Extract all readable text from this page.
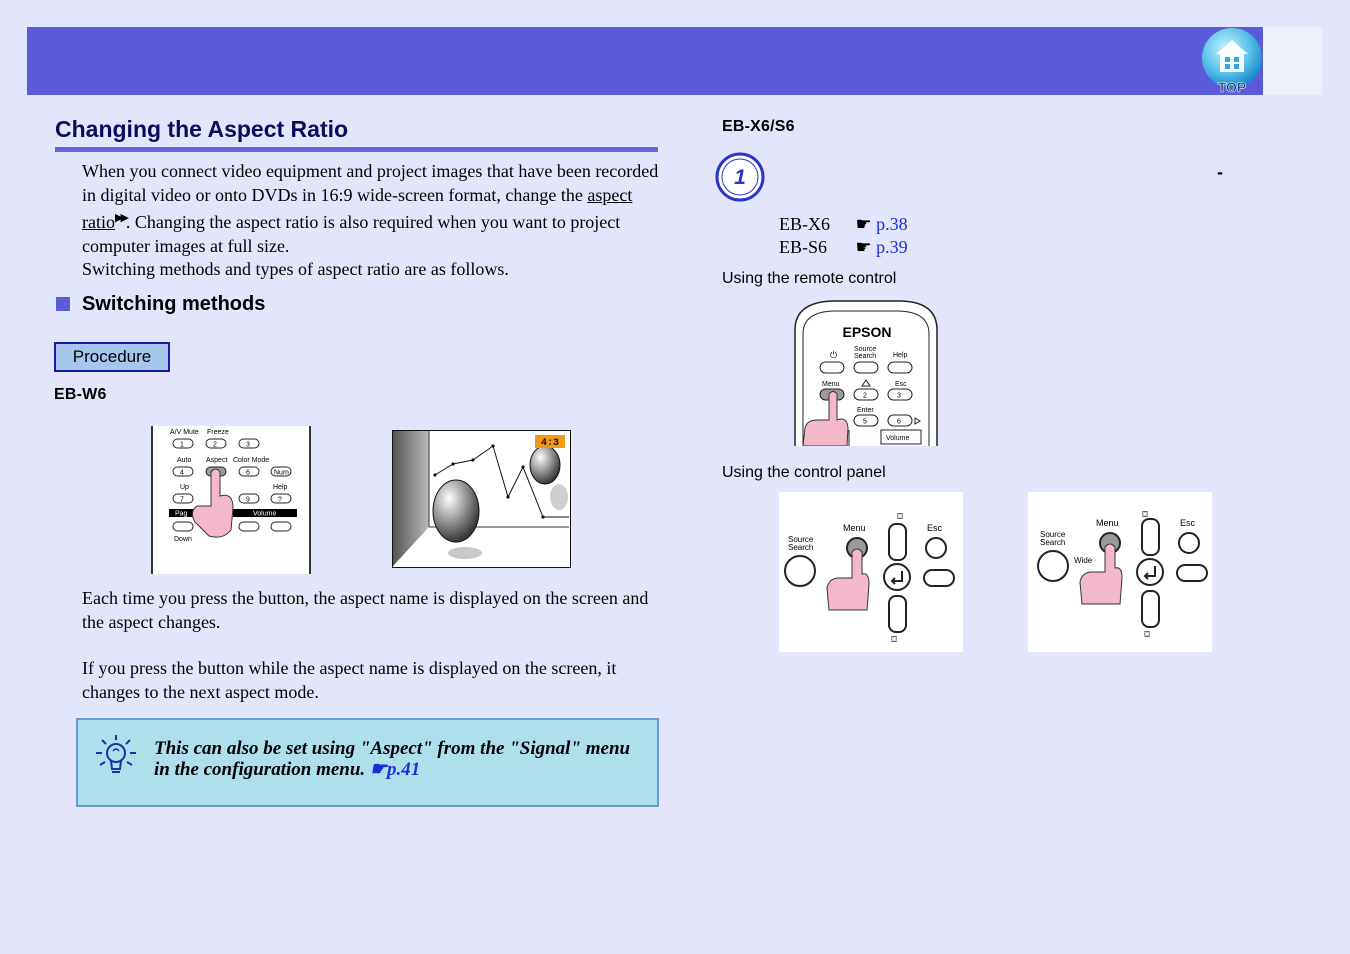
TOP
Changing the Aspect Ratio
When you connect video equipment and project images that have been recorded in digital video or onto DVDs in 16:9 wide-screen format, change the aspect ratio▶▶. Changing the aspect ratio is also required when you want to project computer images at full size.
Switching methods and types of aspect ratio are as follows.
Switching methods
Procedure
EB-W6
A/V Mute Freeze
1	2	3
Auto Aspect Color Mode
4	6	Num
Up	Help
7	9	?
Pag	Volume
Down
4:3
Each time you press the button, the aspect name is displayed on the screen and the aspect changes.
If you press the button while the aspect name is displayed on the screen, it changes to the next aspect mode.
This can also be set using "Aspect" from the "Signal" menu in the configuration menu. ☛p.41
EB-X6/S6
1	-
EB-X6 ☛ p.38
EB-S6 ☛ p.39
Using the remote control
Using the control panel
EPSON
Source
Search Help
⏻
Menu	Esc
2	3
Enter
5	6
Volume
Source
Search
Menu	Esc
⛋
⛋
Source
Search
Wide
Menu	Esc
⛋
⛋
